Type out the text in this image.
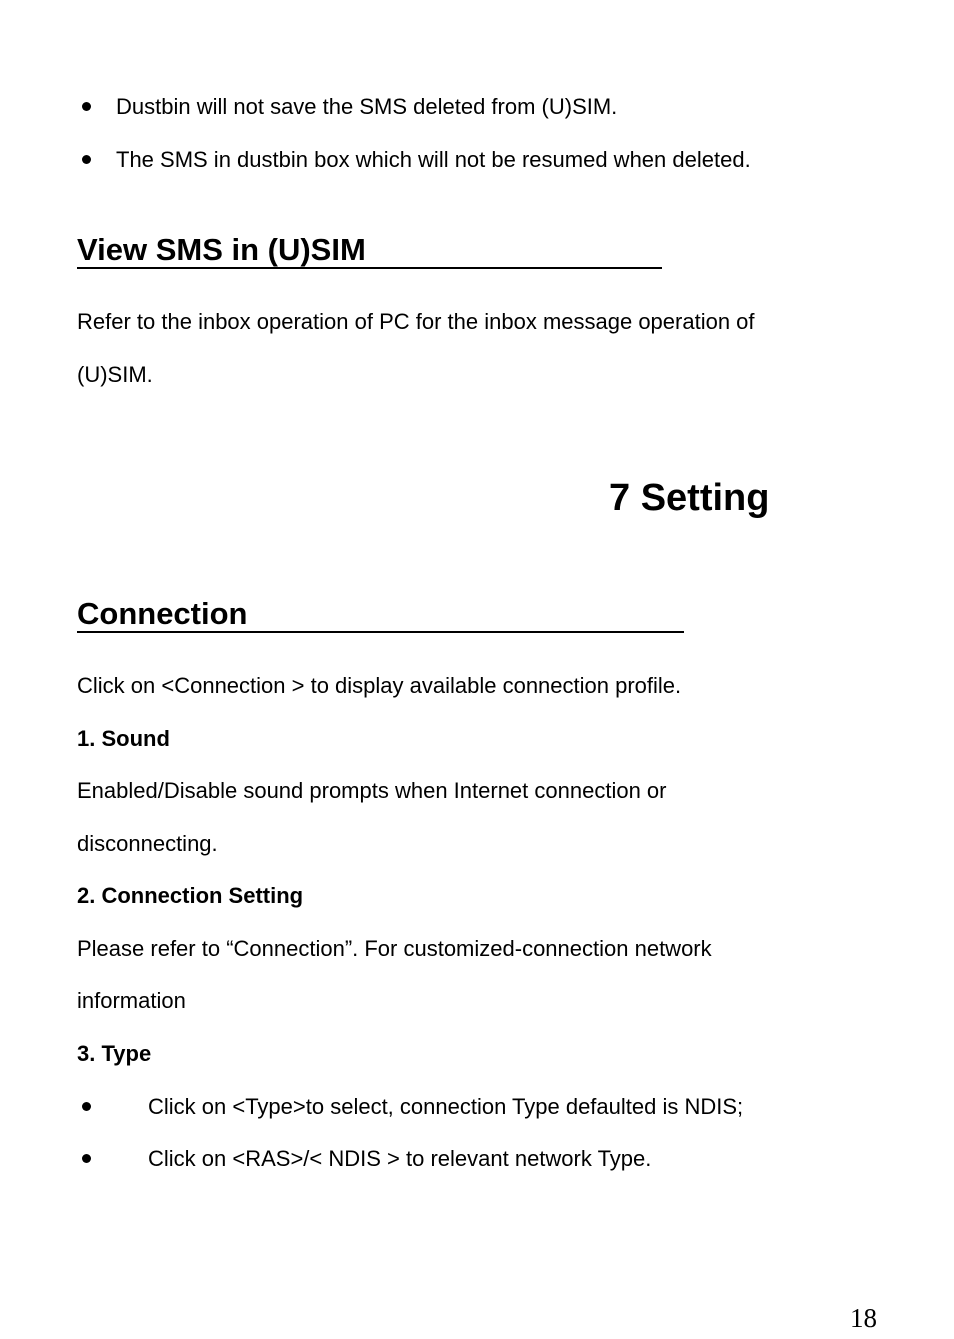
Dustbin will not save the SMS deleted from (U)SIM.
The SMS in dustbin box which will not be resumed when deleted.
View SMS in (U)SIM
Refer to the inbox operation of PC for the inbox message operation of
(U)SIM.
7 Setting
Connection
Click on <Connection > to display available connection profile.
1. Sound
Enabled/Disable sound prompts when Internet connection or
disconnecting.
2. Connection Setting
Please refer to “Connection”. For customized-connection network
information
3. Type
Click on <Type>to select, connection Type defaulted is NDIS;
Click on <RAS>/< NDIS > to relevant network Type.
18
